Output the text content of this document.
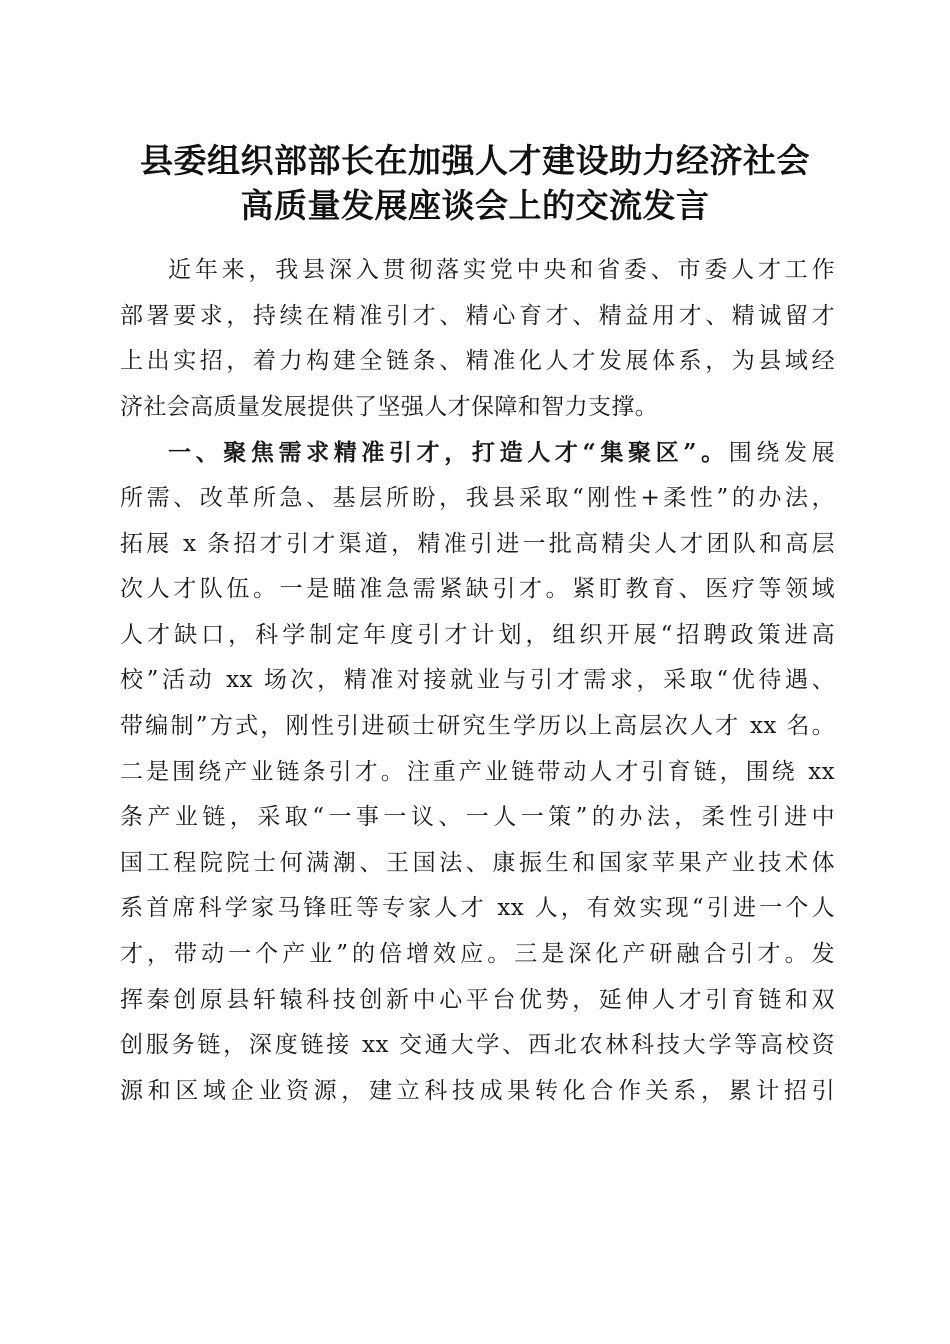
县委组织部部长在加强人才建设助力经济社会
高质量发展座谈会上的交流发言
近年来，我县深入贯彻落实党中央和省委、市委人才工作
部署要求，持续在精准引才、精心育才、精益用才、精诚留才
上出实招，着力构建全链条、精准化人才发展体系，为县域经
济社会高质量发展提供了坚强人才保障和智力支撑。
一、聚焦需求精准引才，打造人才“集聚区”。围绕发展
所需、改革所急、基层所盼，我县采取“刚性+柔性”的办法，
拓展 x 条招才引才渠道，精准引进一批高精尖人才团队和高层
次人才队伍。一是瞄准急需紧缺引才。紧盯教育、医疗等领域
人才缺口，科学制定年度引才计划，组织开展“招聘政策进高
校”活动 xx 场次，精准对接就业与引才需求，采取“优待遇、
带编制”方式，刚性引进硕士研究生学历以上高层次人才 xx 名。
二是围绕产业链条引才。注重产业链带动人才引育链，围绕 xx
条产业链，采取“一事一议、一人一策”的办法，柔性引进中
国工程院院士何满潮、王国法、康振生和国家苹果产业技术体
系首席科学家马锋旺等专家人才 xx 人，有效实现“引进一个人
才，带动一个产业”的倍增效应。三是深化产研融合引才。发
挥秦创原县轩辕科技创新中心平台优势，延伸人才引育链和双
创服务链，深度链接 xx 交通大学、西北农林科技大学等高校资
源和区域企业资源，建立科技成果转化合作关系，累计招引
